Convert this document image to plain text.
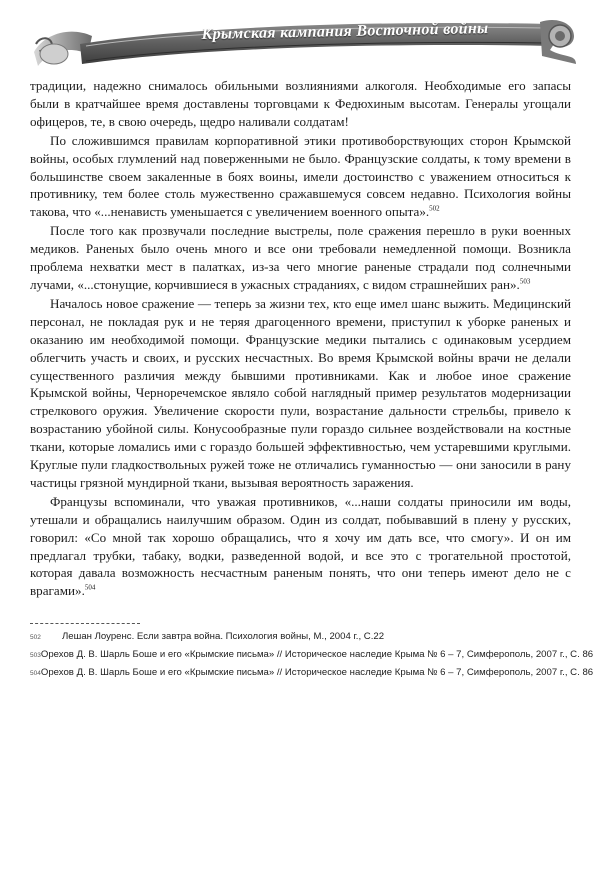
Крымская кампания Восточной войны

традиции, надежно снималось обильными возлияниями алкоголя. Необходимые его запасы были в кратчайшее время доставлены торговцами к Федюхиным высотам. Генералы угощали офицеров, те, в свою очередь, щедро наливали солдатам!

По сложившимся правилам корпоративной этики противоборствующих сторон Крымской войны, особых глумлений над поверженными не было. Французские солдаты, к тому времени в большинстве своем закаленные в боях воины, имели достоинство с уважением относиться к противнику, тем более столь мужественно сражавшемуся совсем недавно. Психология войны такова, что «...ненависть уменьшается с увеличением военного опыта».$^{502}$

После того как прозвучали последние выстрелы, поле сражения перешло в руки военных медиков. Раненых было очень много и все они требовали немедленной помощи. Возникла проблема нехватки мест в палатках, из-за чего многие раненые страдали под солнечными лучами, «...стонущие, корчившиеся в ужасных страданиях, с видом страшнейших ран».$^{503}$

Началось новое сражение — теперь за жизни тех, кто еще имел шанс выжить. Медицинский персонал, не покладая рук и не теряя драгоценного времени, приступил к уборке раненых и оказанию им необходимой помощи. Французские медики пытались с одинаковым усердием облегчить участь и своих, и русских несчастных. Во время Крымской войны врачи не делали существенного различия между бывшими противниками. Как и любое иное сражение Крымской войны, Черноречемское являло собой наглядный пример результатов модернизации стрелкового оружия. Увеличение скорости пули, возрастание дальности стрельбы, привело к возрастанию убойной силы. Конусообразные пули гораздо сильнее воздействовали на костные ткани, которые ломались ими с гораздо большей эффективностью, чем устаревшими круглыми. Круглые пули гладкоствольных ружей тоже не отличались гуманностью — они заносили в рану частицы грязной мундирной ткани, вызывая вероятность заражения.

Французы вспоминали, что уважая противников, «...наши солдаты приносили им воды, утешали и обращались наилучшим образом. Один из солдат, побывавший в плену у русских, говорил: «Со мной так хорошо обращались, что я хочу им дать все, что смогу». И он им предлагал трубки, табаку, водки, разведенной водой, и все это с трогательной простотой, которая давала возможность несчастным раненым понять, что они теперь имеют дело не с врагами».$^{504}$

502	Лешан Лоуренс. Если завтра война. Психология войны, М., 2004 г., С.22
503 Орехов Д. В. Шарль Боше и его «Крымские письма» // Историческое наследие Крыма № 6 – 7, Симферополь, 2007 г., С. 86
504 Орехов Д. В. Шарль Боше и его «Крымские письма» // Историческое наследие Крыма № 6 – 7, Симферополь, 2007 г., С. 86
